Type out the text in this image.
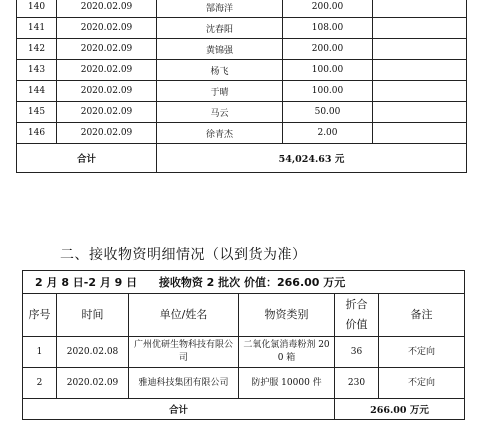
140	2020.02.09	郜海洋	200.00	
141	2020.02.09	沈春阳	108.00	
142	2020.02.09	黄锦强	200.00	
143	2020.02.09	杨飞	100.00	
144	2020.02.09	于晴	100.00	
145	2020.02.09	马云	50.00	
146	2020.02.09	徐青杰	2.00	
合计		54,024.63 元		
二、接收物资明细情况（以到货为准）
2 月 8 日-2 月 9 日 接收物资 2 批次 价值：266.00 万元					
序号	时间	单位/姓名	物资类别	折合
价值	备注
1	2020.02.08	广州优研生物科技有限公司	二氧化氯消毒粉剂 200 箱	36	不定向
2	2020.02.09	雅迪科技集团有限公司	防护服 10000 件	230	不定向
合计				266.00 万元	
